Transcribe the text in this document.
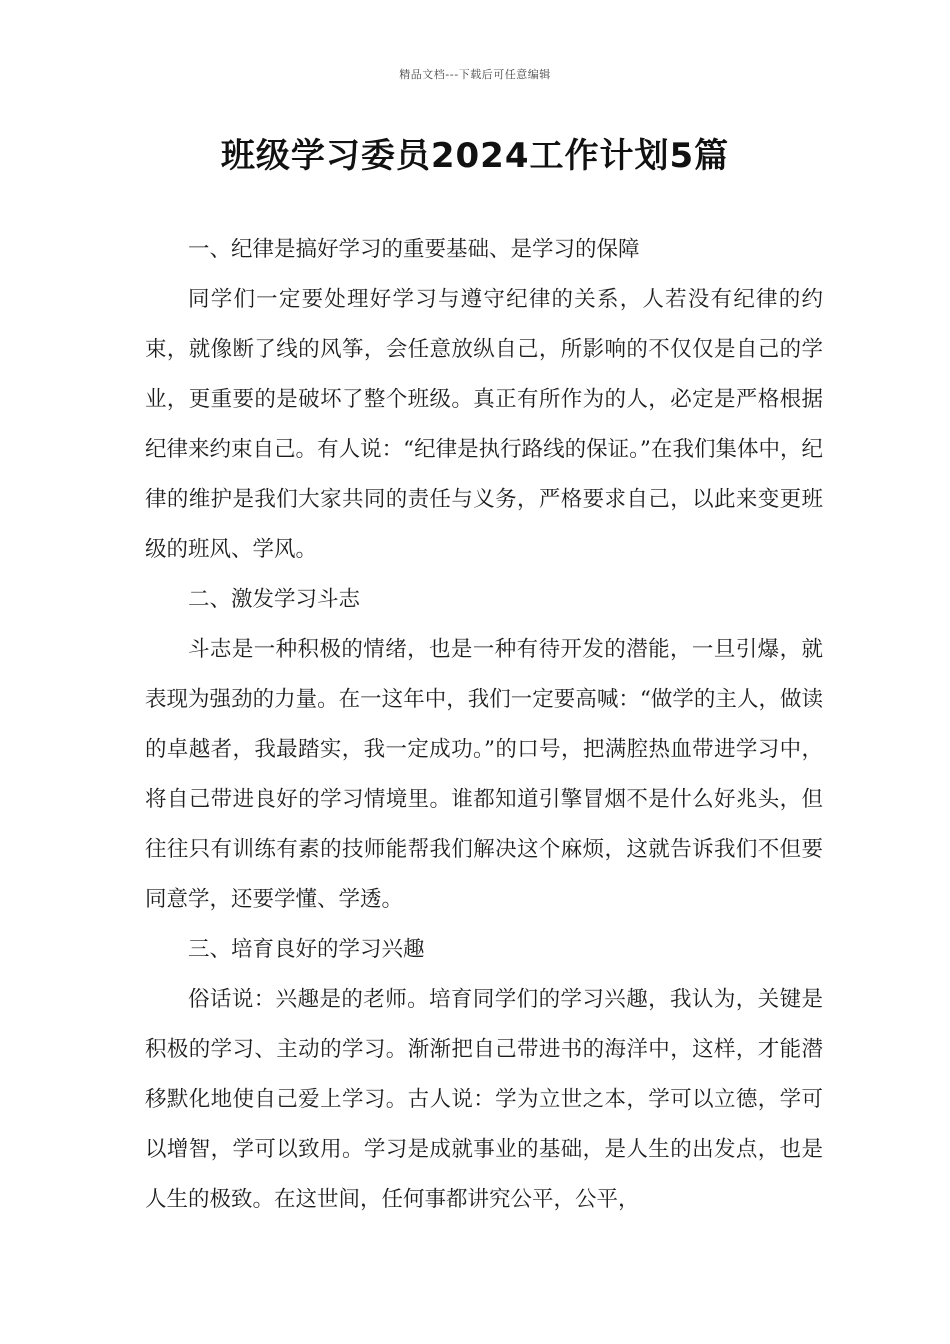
精品文档---下载后可任意编辑
班级学习委员2024工作计划5篇

一、纪律是搞好学习的重要基础、是学习的保障

同学们一定要处理好学习与遵守纪律的关系，人若没有纪律的约束，就像断了线的风筝，会任意放纵自己，所影响的不仅仅是自己的学业，更重要的是破坏了整个班级。真正有所作为的人，必定是严格根据纪律来约束自己。有人说：“纪律是执行路线的保证。”在我们集体中，纪律的维护是我们大家共同的责任与义务，严格要求自己，以此来变更班级的班风、学风。

二、激发学习斗志

斗志是一种积极的情绪，也是一种有待开发的潜能，一旦引爆，就表现为强劲的力量。在一这年中，我们一定要高喊：“做学的主人，做读的卓越者，我最踏实，我一定成功。”的口号，把满腔热血带进学习中，将自己带进良好的学习情境里。谁都知道引擎冒烟不是什么好兆头，但往往只有训练有素的技师能帮我们解决这个麻烦，这就告诉我们不但要同意学，还要学懂、学透。

三、培育良好的学习兴趣

俗话说：兴趣是的老师。培育同学们的学习兴趣，我认为，关键是积极的学习、主动的学习。渐渐把自己带进书的海洋中，这样，才能潜移默化地使自己爱上学习。古人说：学为立世之本，学可以立德，学可以增智，学可以致用。学习是成就事业的基础，是人生的出发点，也是人生的极致。在这世间，任何事都讲究公平，公平，
